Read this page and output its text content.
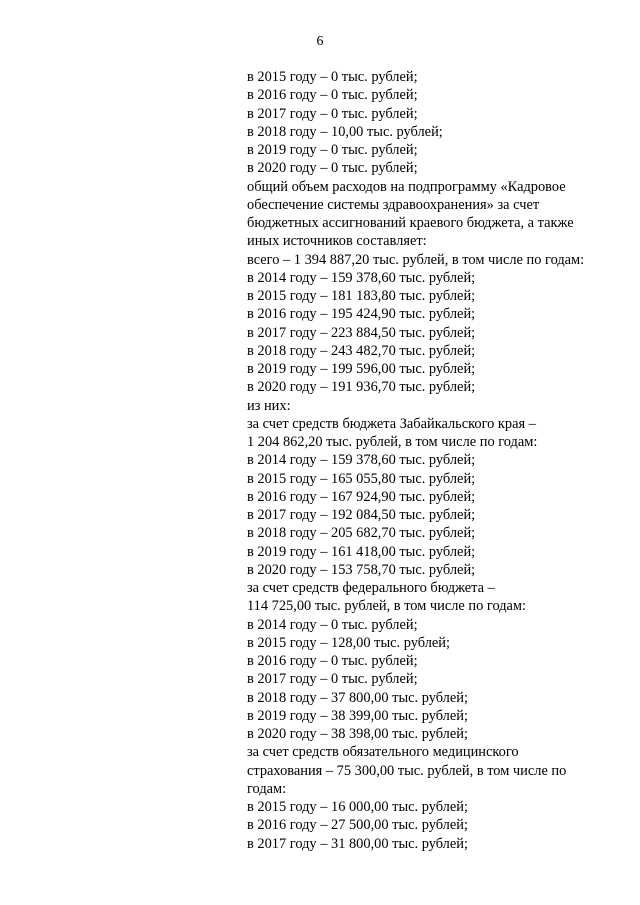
6
в 2015 году – 0 тыс. рублей;
в 2016 году – 0 тыс. рублей;
в 2017 году – 0 тыс. рублей;
в 2018 году – 10,00 тыс. рублей;
в 2019 году – 0 тыс. рублей;
в 2020 году – 0 тыс. рублей;
общий объем расходов на подпрограмму «Кадровое
обеспечение системы здравоохранения» за счет
бюджетных ассигнований краевого бюджета, а также
иных источников составляет:
всего – 1 394 887,20 тыс. рублей, в том числе по годам:
в 2014 году – 159 378,60 тыс. рублей;
в 2015 году – 181 183,80 тыс. рублей;
в 2016 году – 195 424,90 тыс. рублей;
в 2017 году – 223 884,50 тыс. рублей;
в 2018 году – 243 482,70 тыс. рублей;
в 2019 году – 199 596,00 тыс. рублей;
в 2020 году – 191 936,70 тыс. рублей;
из них:
за счет средств бюджета Забайкальского края –
1 204 862,20 тыс. рублей, в том числе по годам:
в 2014 году – 159 378,60 тыс. рублей;
в 2015 году – 165 055,80 тыс. рублей;
в 2016 году – 167 924,90 тыс. рублей;
в 2017 году – 192 084,50 тыс. рублей;
в 2018 году – 205 682,70 тыс. рублей;
в 2019 году – 161 418,00 тыс. рублей;
в 2020 году – 153 758,70 тыс. рублей;
за счет средств федерального бюджета –
114 725,00 тыс. рублей, в том числе по годам:
в 2014 году – 0 тыс. рублей;
в 2015 году – 128,00 тыс. рублей;
в 2016 году – 0 тыс. рублей;
в 2017 году – 0 тыс. рублей;
в 2018 году – 37 800,00 тыс. рублей;
в 2019 году – 38 399,00 тыс. рублей;
в 2020 году – 38 398,00 тыс. рублей;
за счет средств обязательного медицинского
страхования – 75 300,00 тыс. рублей, в том числе по
годам:
в 2015 году – 16 000,00 тыс. рублей;
в 2016 году – 27 500,00 тыс. рублей;
в 2017 году – 31 800,00 тыс. рублей;
